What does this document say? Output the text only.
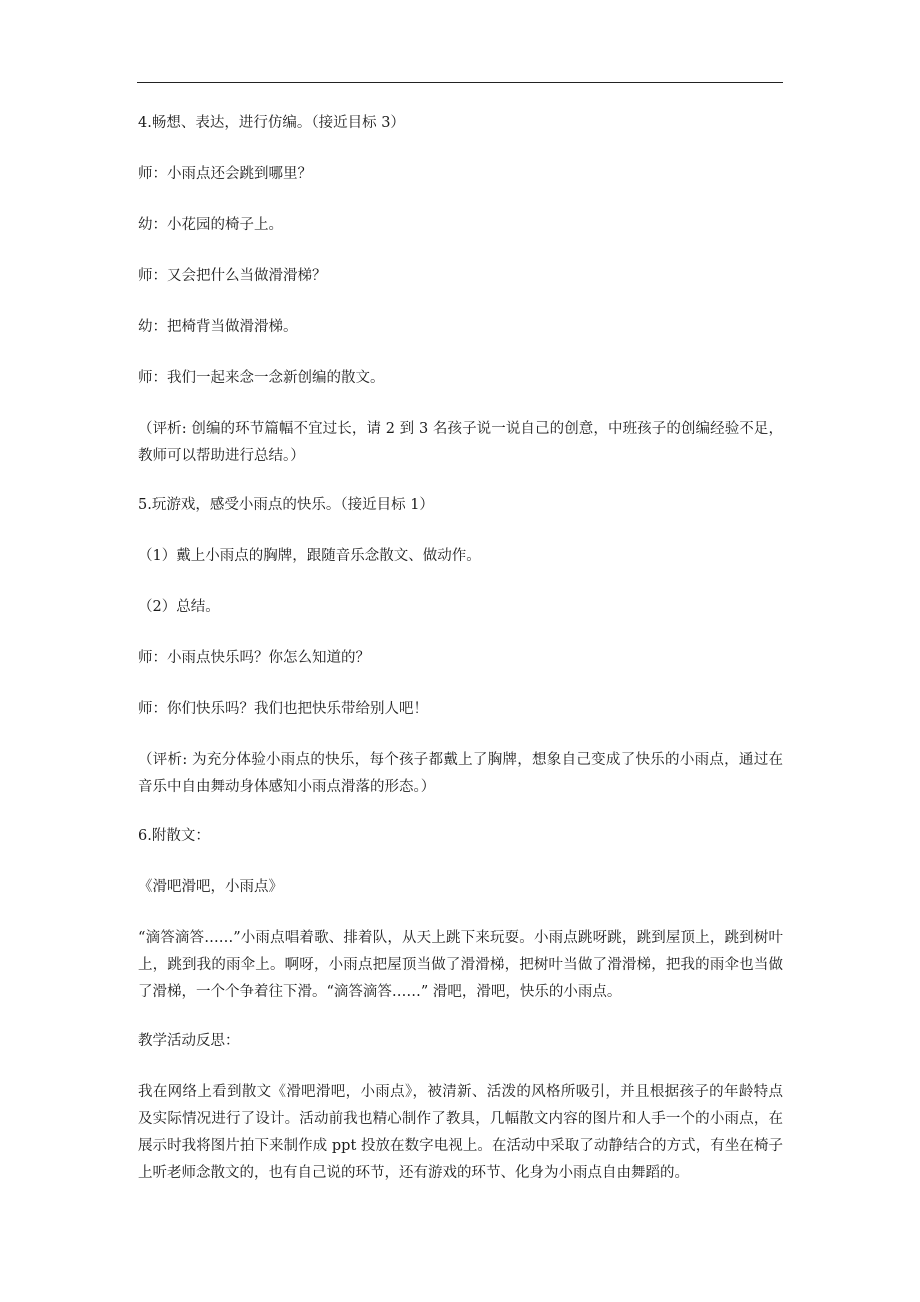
4.畅想、表达，进行仿编。（接近目标 3）

师：小雨点还会跳到哪里？

幼：小花园的椅子上。

师：又会把什么当做滑滑梯？

幼：把椅背当做滑滑梯。

师：我们一起来念一念新创编的散文。

（评析: 创编的环节篇幅不宜过长，请 2 到 3 名孩子说一说自己的创意，中班孩子的创编经验不足，教师可以帮助进行总结。）

5.玩游戏，感受小雨点的快乐。（接近目标 1）

（1）戴上小雨点的胸牌，跟随音乐念散文、做动作。

（2）总结。

师：小雨点快乐吗？你怎么知道的？

师：你们快乐吗？我们也把快乐带给别人吧！

（评析: 为充分体验小雨点的快乐，每个孩子都戴上了胸牌，想象自己变成了快乐的小雨点，通过在音乐中自由舞动身体感知小雨点滑落的形态。）

6.附散文：

《滑吧滑吧，小雨点》

“滴答滴答……”小雨点唱着歌、排着队，从天上跳下来玩耍。小雨点跳呀跳，跳到屋顶上，跳到树叶上，跳到我的雨伞上。啊呀，小雨点把屋顶当做了滑滑梯，把树叶当做了滑滑梯，把我的雨伞也当做了滑梯，一个个争着往下滑。“滴答滴答……” 滑吧，滑吧，快乐的小雨点。

教学活动反思：

我在网络上看到散文《滑吧滑吧，小雨点》，被清新、活泼的风格所吸引，并且根据孩子的年龄特点及实际情况进行了设计。活动前我也精心制作了教具，几幅散文内容的图片和人手一个的小雨点，在展示时我将图片拍下来制作成 ppt 投放在数字电视上。在活动中采取了动静结合的方式，有坐在椅子上听老师念散文的，也有自己说的环节，还有游戏的环节、化身为小雨点自由舞蹈的。
